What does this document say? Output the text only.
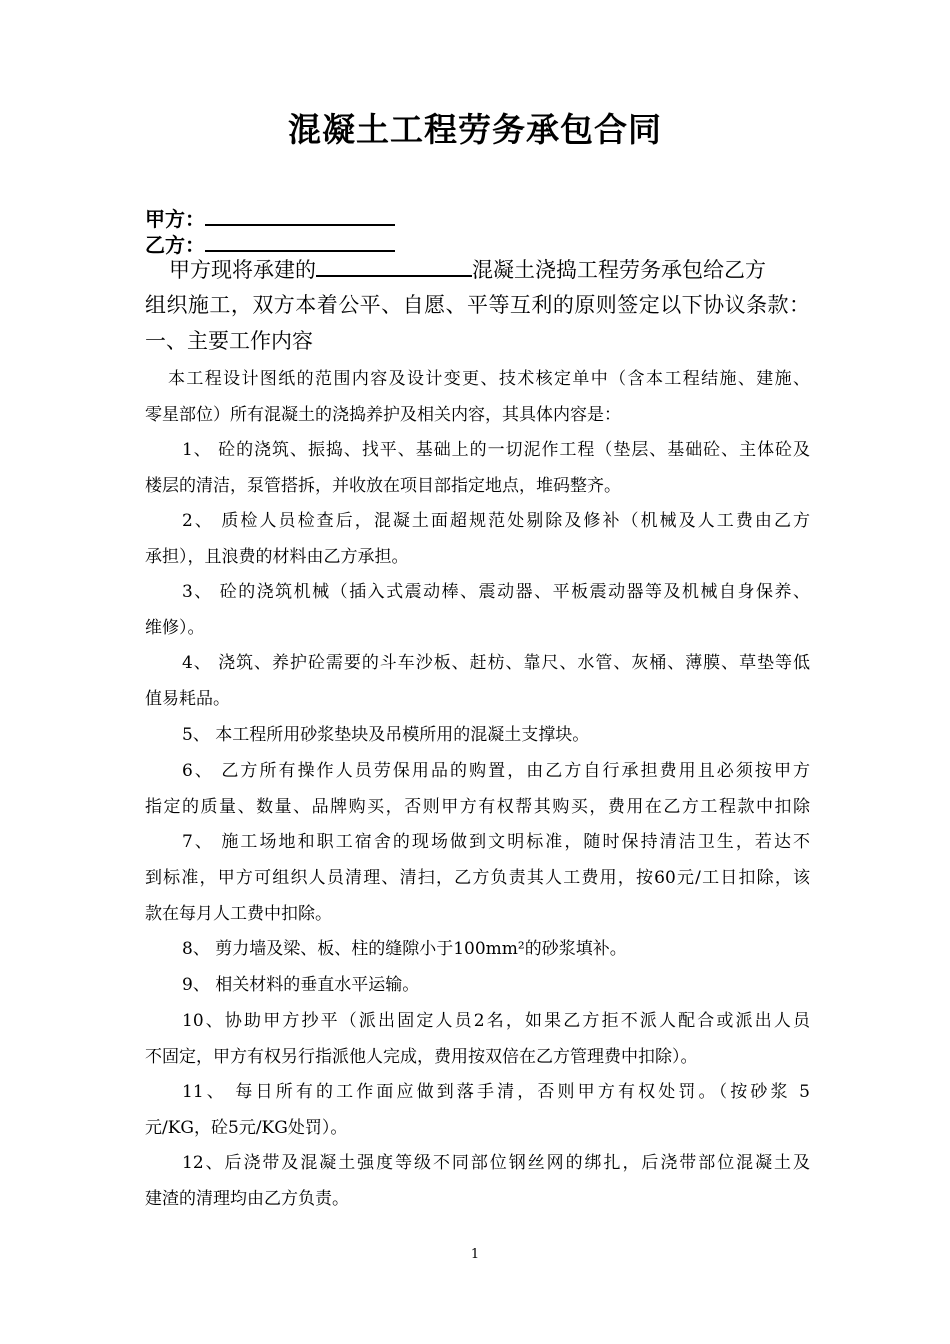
混凝土工程劳务承包合同
甲方：
乙方：
甲方现将承建的	混凝土浇捣工程劳务承包给乙方
组织施工，双方本着公平、自愿、平等互利的原则签定以下协议条款：
一、主要工作内容
本工程设计图纸的范围内容及设计变更、技术核定单中（含本工程结施、建施、
零星部位）所有混凝土的浇捣养护及相关内容，其具体内容是：
1、 砼的浇筑、振捣、找平、基础上的一切泥作工程（垫层、基础砼、主体砼及
楼层的清洁，泵管搭拆，并收放在项目部指定地点，堆码整齐。
2、 质检人员检查后，混凝土面超规范处剔除及修补（机械及人工费由乙方
承担），且浪费的材料由乙方承担。
3、 砼的浇筑机械（插入式震动棒、震动器、平板震动器等及机械自身保养、
维修）。
4、 浇筑、养护砼需要的斗车沙板、赶枋、靠尺、水管、灰桶、薄膜、草垫等低
值易耗品。
5、 本工程所用砂浆垫块及吊模所用的混凝土支撑块。
6、 乙方所有操作人员劳保用品的购置，由乙方自行承担费用且必须按甲方
指定的质量、数量、品牌购买，否则甲方有权帮其购买，费用在乙方工程款中扣除
7、 施工场地和职工宿舍的现场做到文明标准，随时保持清洁卫生，若达不
到标准，甲方可组织人员清理、清扫，乙方负责其人工费用，按60元/工日扣除，该
款在每月人工费中扣除。
8、 剪力墙及梁、板、柱的缝隙小于100mm²的砂浆填补。
9、 相关材料的垂直水平运输。
10、协助甲方抄平（派出固定人员2名，如果乙方拒不派人配合或派出人员
不固定，甲方有权另行指派他人完成，费用按双倍在乙方管理费中扣除）。
11、 每日所有的工作面应做到落手清，否则甲方有权处罚。（按砂浆 5
元/KG，砼5元/KG处罚）。
12、后浇带及混凝土强度等级不同部位钢丝网的绑扎，后浇带部位混凝土及
建渣的清理均由乙方负责。
1
